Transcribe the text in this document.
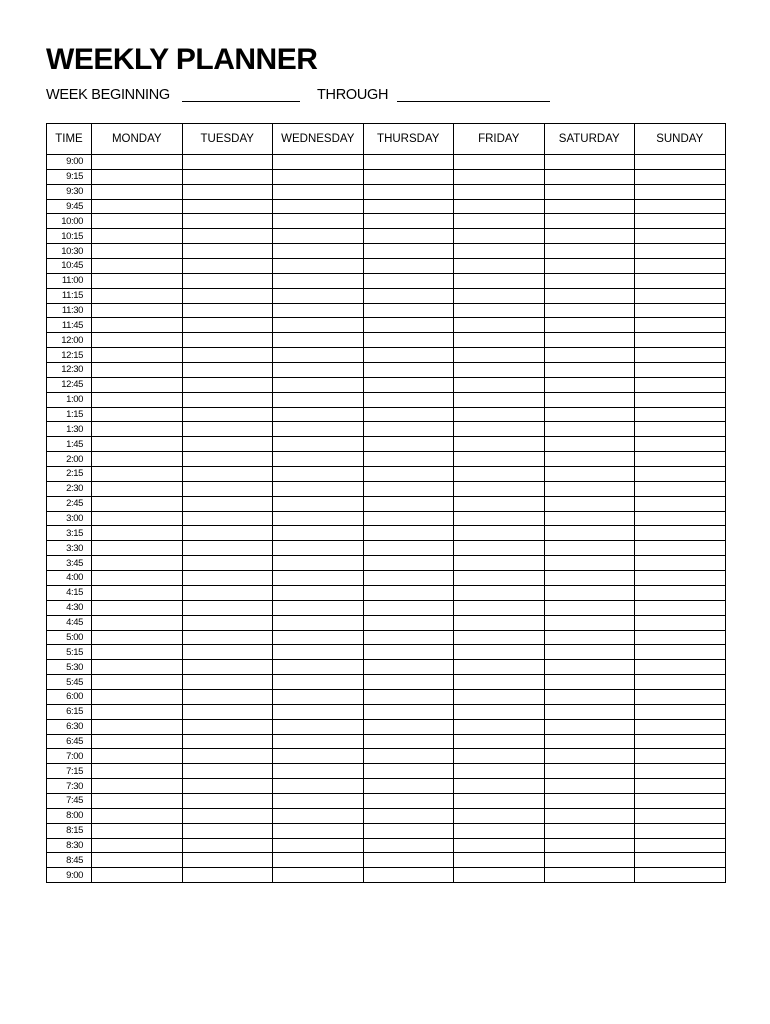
WEEKLY PLANNER
WEEK BEGINNING	THROUGH
TIME	MONDAY	TUESDAY	WEDNESDAY	THURSDAY	FRIDAY	SATURDAY	SUNDAY
9:00							
9:15							
9:30							
9:45							
10:00							
10:15							
10:30							
10:45							
11:00							
11:15							
11:30							
11:45							
12:00							
12:15							
12:30							
12:45							
1:00							
1:15							
1:30							
1:45							
2:00							
2:15							
2:30							
2:45							
3:00							
3:15							
3:30							
3:45							
4:00							
4:15							
4:30							
4:45							
5:00							
5:15							
5:30							
5:45							
6:00							
6:15							
6:30							
6:45							
7:00							
7:15							
7:30							
7:45							
8:00							
8:15							
8:30							
8:45							
9:00							
